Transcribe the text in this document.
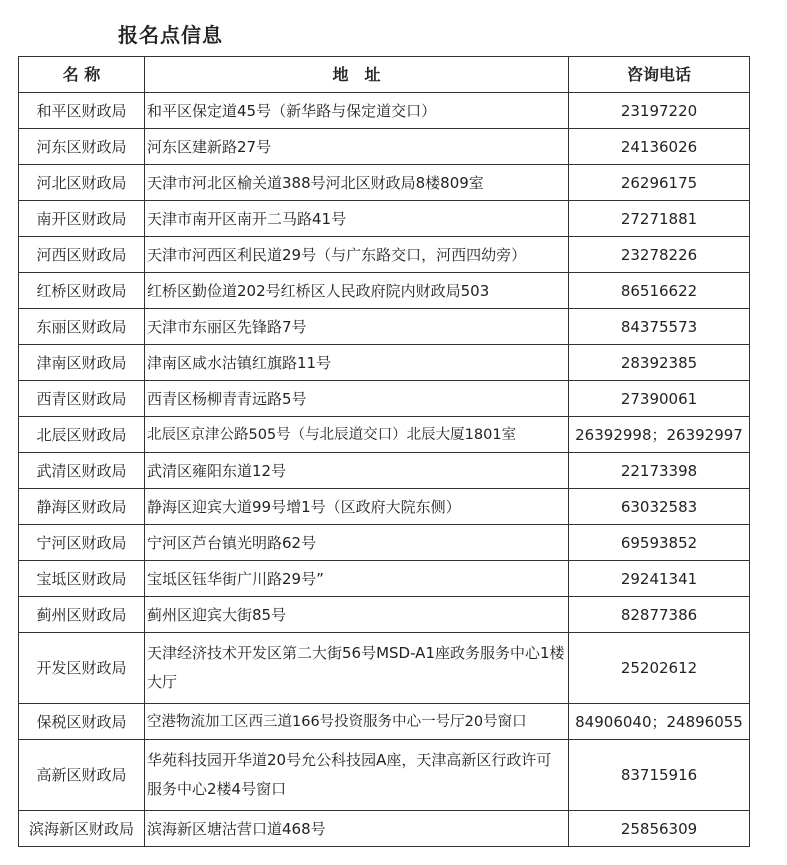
报名点信息
名 称	地　址	咨询电话
和平区财政局	和平区保定道45号（新华路与保定道交口）	23197220
河东区财政局	河东区建新路27号	24136026
河北区财政局	天津市河北区榆关道388号河北区财政局8楼809室	26296175
南开区财政局	天津市南开区南开二马路41号	27271881
河西区财政局	天津市河西区利民道29号（与广东路交口，河西四幼旁）	23278226
红桥区财政局	红桥区勤俭道202号红桥区人民政府院内财政局503	86516622
东丽区财政局	天津市东丽区先锋路7号	84375573
津南区财政局	津南区咸水沽镇红旗路11号	28392385
西青区财政局	西青区杨柳青青远路5号	27390061
北辰区财政局	北辰区京津公路505号（与北辰道交口）北辰大厦1801室	26392998；26392997
武清区财政局	武清区雍阳东道12号	22173398
静海区财政局	静海区迎宾大道99号增1号（区政府大院东侧）	63032583
宁河区财政局	宁河区芦台镇光明路62号	69593852
宝坻区财政局	宝坻区钰华街广川路29号”	29241341
蓟州区财政局	蓟州区迎宾大街85号	82877386
开发区财政局	天津经济技术开发区第二大街56号MSD-A1座政务服务中心1楼大厅	25202612
保税区财政局	空港物流加工区西三道166号投资服务中心一号厅20号窗口	84906040；24896055
高新区财政局	华苑科技园开华道20号允公科技园A座，天津高新区行政许可服务中心2楼4号窗口	83715916
滨海新区财政局	滨海新区塘沽营口道468号	25856309
